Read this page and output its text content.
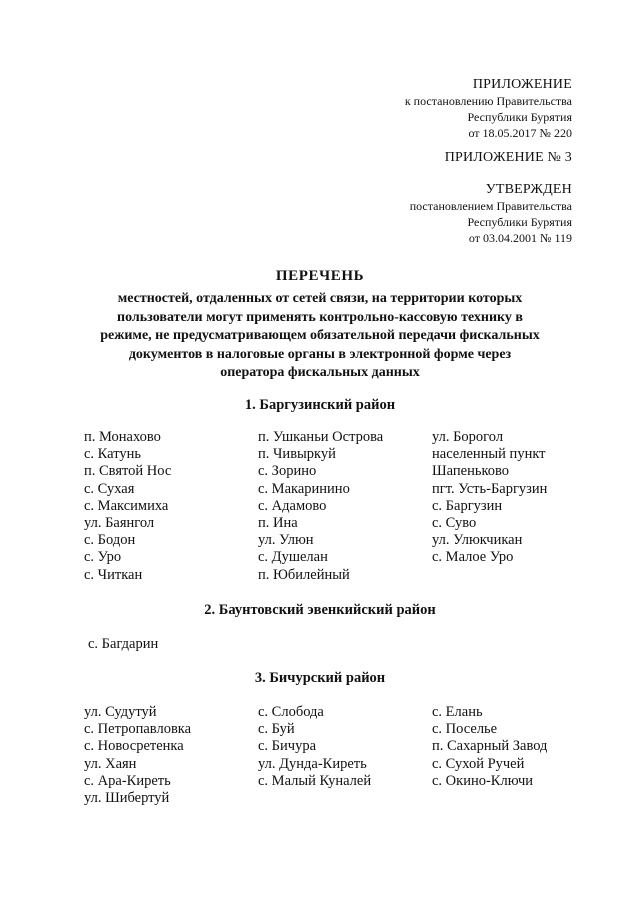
ПРИЛОЖЕНИЕ
к постановлению Правительства
Республики Бурятия
от 18.05.2017 № 220
ПРИЛОЖЕНИЕ № 3
УТВЕРЖДЕН
постановлением Правительства
Республики Бурятия
от 03.04.2001 № 119
ПЕРЕЧЕНЬ
местностей, отдаленных от сетей связи, на территории которых
пользователи могут применять контрольно-кассовую технику в
режиме, не предусматривающем обязательной передачи фискальных
документов в налоговые органы в электронной форме через
оператора фискальных данных
1. Баргузинский район
п. Монахово
с. Катунь
п. Святой Нос
с. Сухая
с. Максимиха
ул. Баянгол
с. Бодон
с. Уро
с. Читкан
п. Ушканьи Острова
п. Чивыркуй
с. Зорино
с. Макаринино
с. Адамово
п. Ина
ул. Улюн
с. Душелан
п. Юбилейный
ул. Борогол
населенный пункт
Шапеньково
пгт. Усть-Баргузин
с. Баргузин
с. Суво
ул. Улюкчикан
с. Малое Уро
2. Баунтовский эвенкийский район
с. Багдарин
3. Бичурский район
ул. Судутуй
с. Петропавловка
с. Новосретенка
ул. Хаян
с. Ара-Киреть
ул. Шибертуй
с. Слобода
с. Буй
с. Бичура
ул. Дунда-Киреть
с. Малый Куналей
с. Елань
с. Поселье
п. Сахарный Завод
с. Сухой Ручей
с. Окино-Ключи
